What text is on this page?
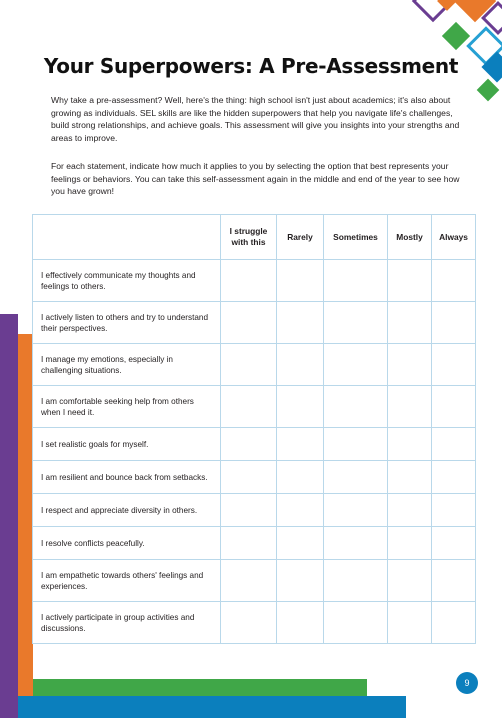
Your Superpowers: A Pre-Assessment

Why take a pre-assessment? Well, here's the thing: high school isn't just about academics; it's also about growing as individuals. SEL skills are like the hidden superpowers that help you navigate life's challenges, build strong relationships, and achieve goals. This assessment will give you insights into your strengths and areas to improve.

For each statement, indicate how much it applies to you by selecting the option that best represents your feelings or behaviors. You can take this self-assessment again in the middle and end of the year to see how you have grown!

	I struggle with this	Rarely	Sometimes	Mostly	Always
I effectively communicate my thoughts and feelings to others.					
I actively listen to others and try to understand their perspectives.					
I manage my emotions, especially in challenging situations.					
I am comfortable seeking help from others when I need it.					
I set realistic goals for myself.					
I am resilient and bounce back from setbacks.					
I respect and appreciate diversity in others.					
I resolve conflicts peacefully.					
I am empathetic towards others' feelings and experiences.					
I actively participate in group activities and discussions.					
9
